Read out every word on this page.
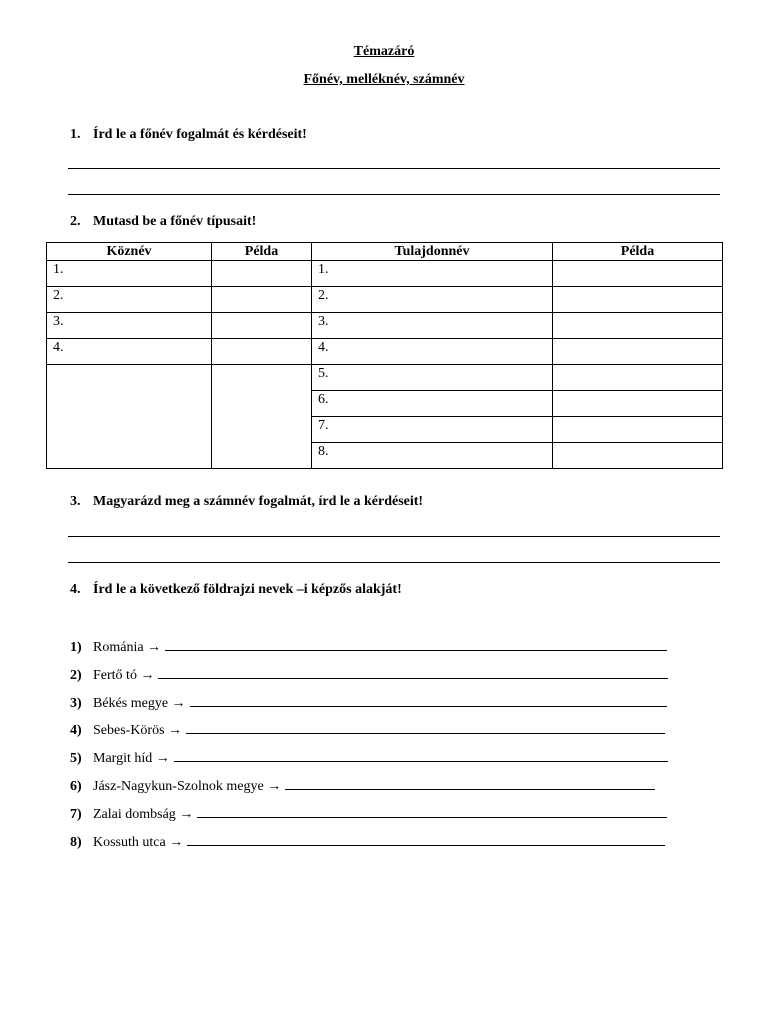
Témazáró
Főnév, melléknév, számnév
1. Írd le a főnév fogalmát és kérdéseit!
2. Mutasd be a főnév típusait!
Köznév	Példa	Tulajdonnév	Példa
1.		1.	
2.		2.	
3.		3.	
4.		4.	
		5.	
		6.	
		7.	
		8.	
3. Magyarázd meg a számnév fogalmát, írd le a kérdéseit!
4. Írd le a következő földrajzi nevek –i képzős alakját!
1) Románia →
2) Fertő tó →
3) Békés megye →
4) Sebes-Körös →
5) Margit híd →
6) Jász-Nagykun-Szolnok megye →
7) Zalai dombság →
8) Kossuth utca →
